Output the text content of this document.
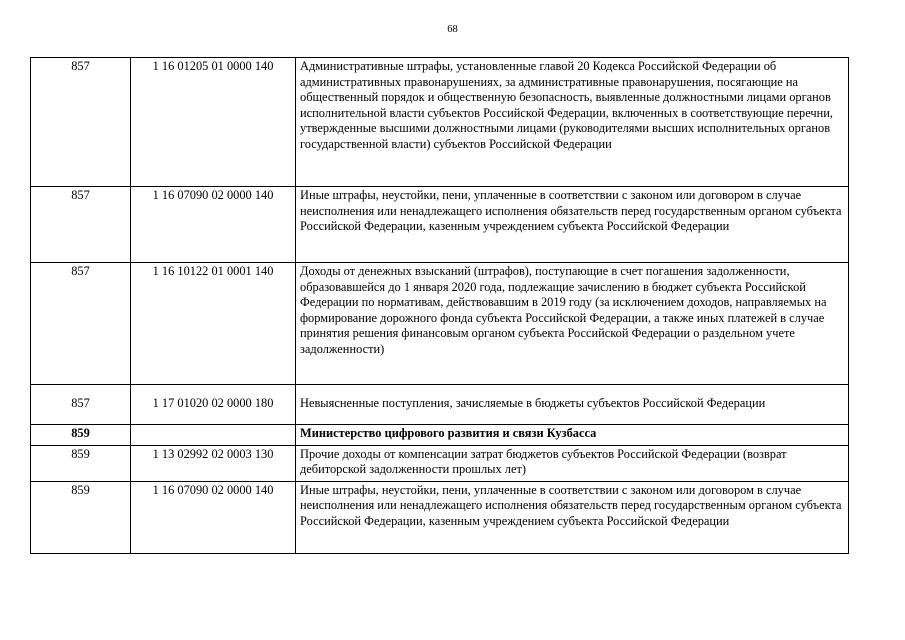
68
857	1 16 01205 01 0000 140	Административные штрафы, установленные главой 20 Кодекса Российской Федерации об административных правонарушениях, за административные правонарушения, посягающие на общественный порядок и общественную безопасность, выявленные должностными лицами органов исполнительной власти субъектов Российской Федерации, включенных в соответствующие перечни, утвержденные высшими должностными лицами (руководителями высших исполнительных органов государственной власти) субъектов Российской Федерации
857	1 16 07090 02 0000 140	Иные штрафы, неустойки, пени, уплаченные в соответствии с законом или договором в случае неисполнения или ненадлежащего исполнения обязательств перед государственным органом субъекта Российской Федерации, казенным учреждением субъекта Российской Федерации
857	1 16 10122 01 0001 140	Доходы от денежных взысканий (штрафов), поступающие в счет погашения задолженности, образовавшейся до 1 января 2020 года, подлежащие зачислению в бюджет субъекта Российской Федерации по нормативам, действовавшим в 2019 году (за исключением доходов, направляемых на формирование дорожного фонда субъекта Российской Федерации, а также иных платежей в случае принятия решения финансовым органом субъекта Российской Федерации о раздельном учете задолженности)
857	1 17 01020 02 0000 180	Невыясненные поступления, зачисляемые в бюджеты субъектов Российской Федерации
859		Министерство цифрового развития и связи Кузбасса
859	1 13 02992 02 0003 130	Прочие доходы от компенсации затрат бюджетов субъектов Российской Федерации (возврат дебиторской задолженности прошлых лет)
859	1 16 07090 02 0000 140	Иные штрафы, неустойки, пени, уплаченные в соответствии с законом или договором в случае неисполнения или ненадлежащего исполнения обязательств перед государственным органом субъекта Российской Федерации, казенным учреждением субъекта Российской Федерации
